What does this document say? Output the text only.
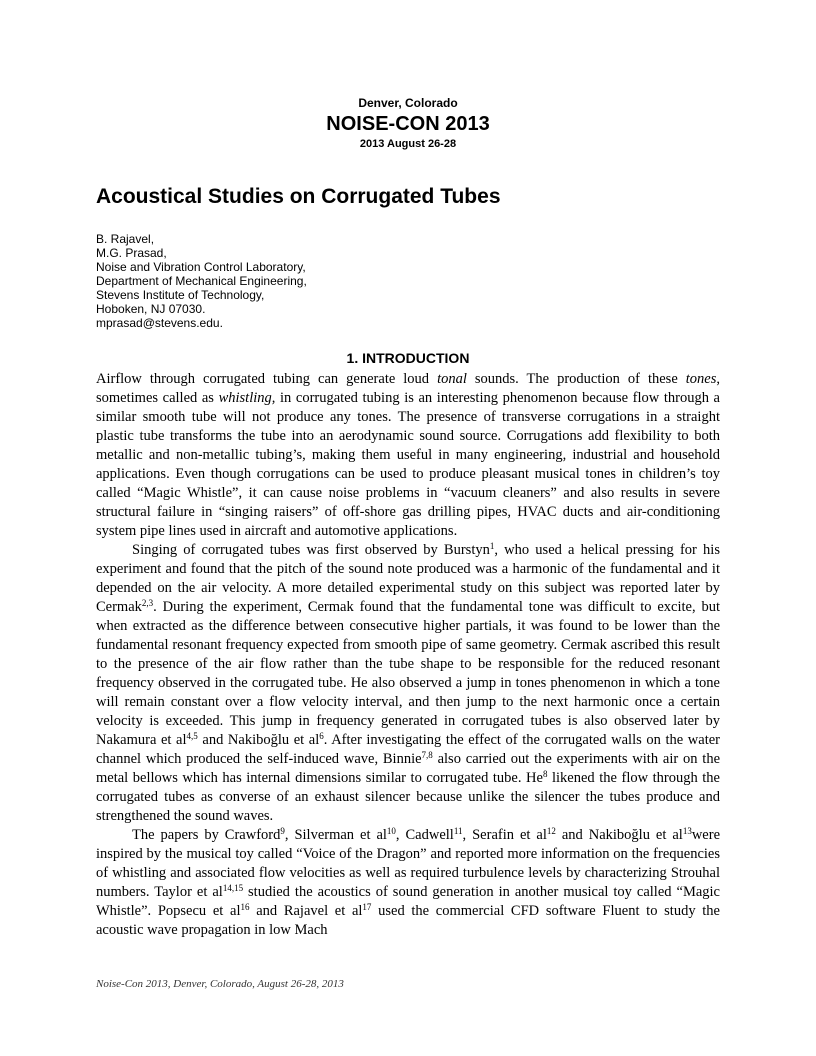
Denver, Colorado
NOISE-CON 2013
2013 August 26-28
Acoustical Studies on Corrugated Tubes
B. Rajavel,
M.G. Prasad,
Noise and Vibration Control Laboratory,
Department of Mechanical Engineering,
Stevens Institute of Technology,
Hoboken, NJ 07030.
mprasad@stevens.edu.
1. INTRODUCTION

Airflow through corrugated tubing can generate loud tonal sounds. The production of these tones, sometimes called as whistling, in corrugated tubing is an interesting phenomenon because flow through a similar smooth tube will not produce any tones. The presence of transverse corrugations in a straight plastic tube transforms the tube into an aerodynamic sound source. Corrugations add flexibility to both metallic and non-metallic tubing’s, making them useful in many engineering, industrial and household applications. Even though corrugations can be used to produce pleasant musical tones in children’s toy called “Magic Whistle”, it can cause noise problems in “vacuum cleaners” and also results in severe structural failure in “singing raisers” of off-shore gas drilling pipes, HVAC ducts and air-conditioning system pipe lines used in aircraft and automotive applications.

Singing of corrugated tubes was first observed by Burstyn$^1$, who used a helical pressing for his experiment and found that the pitch of the sound note produced was a harmonic of the fundamental and it depended on the air velocity. A more detailed experimental study on this subject was reported later by Cermak$^{2,3}$. During the experiment, Cermak found that the fundamental tone was difficult to excite, but when extracted as the difference between consecutive higher partials, it was found to be lower than the fundamental resonant frequency expected from smooth pipe of same geometry. Cermak ascribed this result to the presence of the air flow rather than the tube shape to be responsible for the reduced resonant frequency observed in the corrugated tube. He also observed a jump in tones phenomenon in which a tone will remain constant over a flow velocity interval, and then jump to the next harmonic once a certain velocity is exceeded. This jump in frequency generated in corrugated tubes is also observed later by Nakamura et al$^{4,5}$ and Nakiboğlu et $al^6$. After investigating the effect of the corrugated walls on the water channel which produced the self-induced wave, Binnie$^{7,8}$ also carried out the experiments with air on the metal bellows which has internal dimensions similar to corrugated tube. He$^8$ likened the flow through the corrugated tubes as converse of an exhaust silencer because unlike the silencer the tubes produce and strengthened the sound waves.

The papers by Crawford$^9$, Silverman et $al^{10}$, Cadwell$^{11}$, Serafin et $al^{12}$ and Nakiboğlu et $al^{13}were$ inspired by the musical toy called “Voice of the Dragon” and reported more information on the frequencies of whistling and associated flow velocities as well as required turbulence levels by characterizing Strouhal numbers. Taylor et al$^{14,15}$ studied the acoustics of sound generation in another musical toy called “Magic Whistle”. Popsecu et $al^{16}$ and Rajavel et $al^{17}$ used the commercial CFD software Fluent to study the acoustic wave propagation in low Mach

Noise-Con 2013, Denver, Colorado, August 26-28, 2013
